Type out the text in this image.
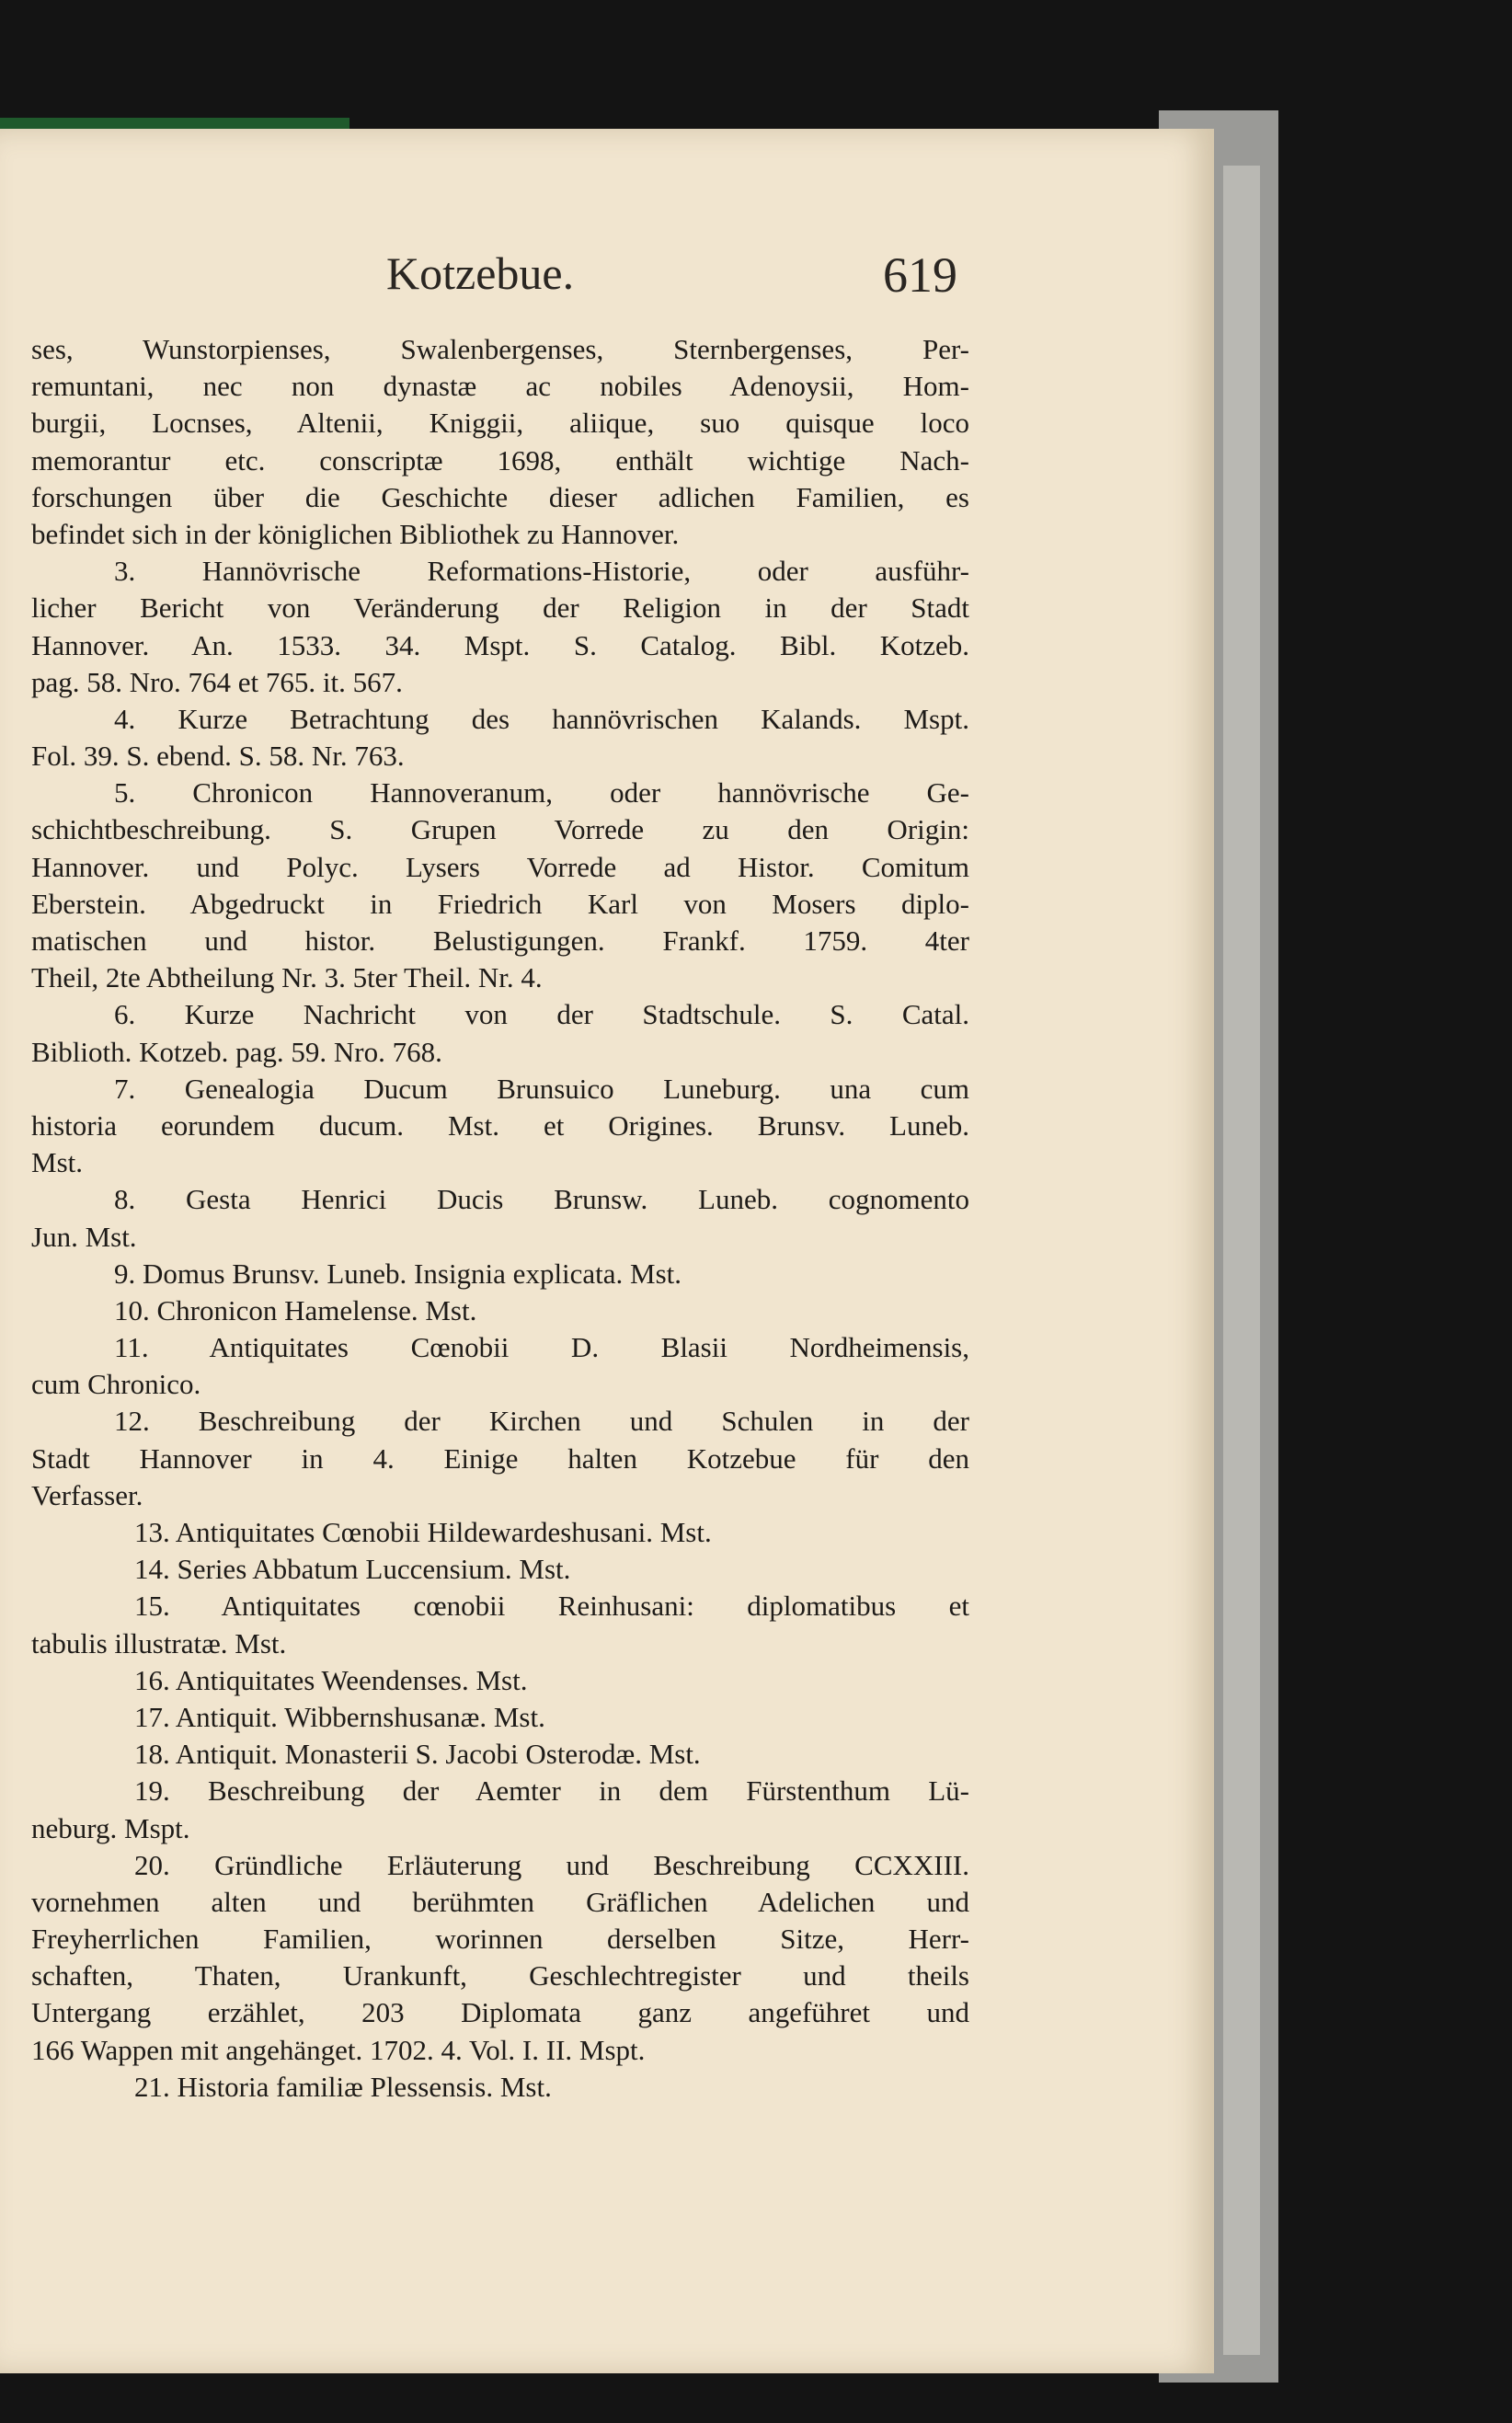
Kotzebue.	619
ses, Wunstorpienses, Swalenbergenses, Sternbergenses, Per-
remuntani, nec non dynastæ ac nobiles Adenoysii, Hom-
burgii, Locnses, Altenii, Kniggii, aliique, suo quisque loco
memorantur etc. conscriptæ 1698, enthält wichtige Nach-
forschungen über die Geschichte dieser adlichen Familien, es
befindet sich in der königlichen Bibliothek zu Hannover.
3. Hannövrische Reformations-Historie, oder ausführ-
licher Bericht von Veränderung der Religion in der Stadt
Hannover. An. 1533. 34. Mspt. S. Catalog. Bibl. Kotzeb.
pag. 58. Nro. 764 et 765. it. 567.
4. Kurze Betrachtung des hannövrischen Kalands. Mspt.
Fol. 39. S. ebend. S. 58. Nr. 763.
5. Chronicon Hannoveranum, oder hannövrische Ge-
schichtbeschreibung. S. Grupen Vorrede zu den Origin:
Hannover. und Polyc. Lysers Vorrede ad Histor. Comitum
Eberstein. Abgedruckt in Friedrich Karl von Mosers diplo-
matischen und histor. Belustigungen. Frankf. 1759. 4ter
Theil, 2te Abtheilung Nr. 3. 5ter Theil. Nr. 4.
6. Kurze Nachricht von der Stadtschule. S. Catal.
Biblioth. Kotzeb. pag. 59. Nro. 768.
7. Genealogia Ducum Brunsuico Luneburg. una cum
historia eorundem ducum. Mst. et Origines. Brunsv. Luneb.
Mst.
8. Gesta Henrici Ducis Brunsw. Luneb. cognomento
Jun. Mst.
9. Domus Brunsv. Luneb. Insignia explicata. Mst.
10. Chronicon Hamelense. Mst.
11. Antiquitates Cœnobii D. Blasii Nordheimensis,
cum Chronico.
12. Beschreibung der Kirchen und Schulen in der
Stadt Hannover in 4. Einige halten Kotzebue für den
Verfasser.
13. Antiquitates Cœnobii Hildewardeshusani. Mst.
14. Series Abbatum Luccensium. Mst.
15. Antiquitates cœnobii Reinhusani: diplomatibus et
tabulis illustratæ. Mst.
16. Antiquitates Weendenses. Mst.
17. Antiquit. Wibbernshusanæ. Mst.
18. Antiquit. Monasterii S. Jacobi Osterodæ. Mst.
19. Beschreibung der Aemter in dem Fürstenthum Lü-
neburg. Mspt.
20. Gründliche Erläuterung und Beschreibung CCXXIII.
vornehmen alten und berühmten Gräflichen Adelichen und
Freyherrlichen Familien, worinnen derselben Sitze, Herr-
schaften, Thaten, Urankunft, Geschlechtregister und theils
Untergang erzählet, 203 Diplomata ganz angeführet und
166 Wappen mit angehänget. 1702. 4. Vol. I. II. Mspt.
21. Historia familiæ Plessensis. Mst.
